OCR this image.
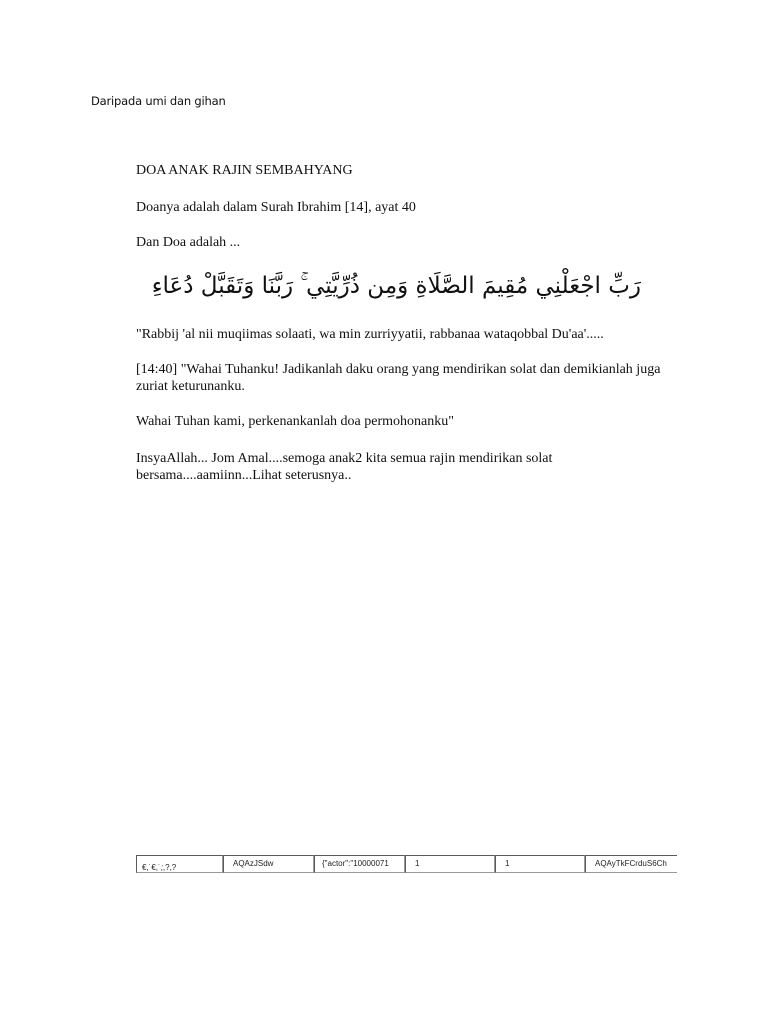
Daripada umi dan gihan

DOA ANAK RAJIN SEMBAHYANG

Doanya adalah dalam Surah Ibrahim [14], ayat 40

Dan Doa adalah ...

رَبِّ اجْعَلْنِي مُقِيمَ الصَّلَاةِ وَمِن ذُرِّيَّتِي ۚ رَبَّنَا وَتَقَبَّلْ دُعَاءِ

"Rabbij 'al nii muqiimas solaati, wa min zurriyyatii, rabbanaa wataqobbal Du'aa'.....

[14:40] "Wahai Tuhanku! Jadikanlah daku orang yang mendirikan solat dan demikianlah juga zuriat keturunanku.

Wahai Tuhan kami, perkenankanlah doa permohonanku"

InsyaAllah... Jom Amal....semoga anak2 kita semua rajin mendirikan solat bersama....aamiinn...Lihat seterusnya..

€,˙€,˙,ᡃ,?,?	AQAzJSdw	{"actor":"10000071	1	1	AQAyTkFCrduS6Ch
